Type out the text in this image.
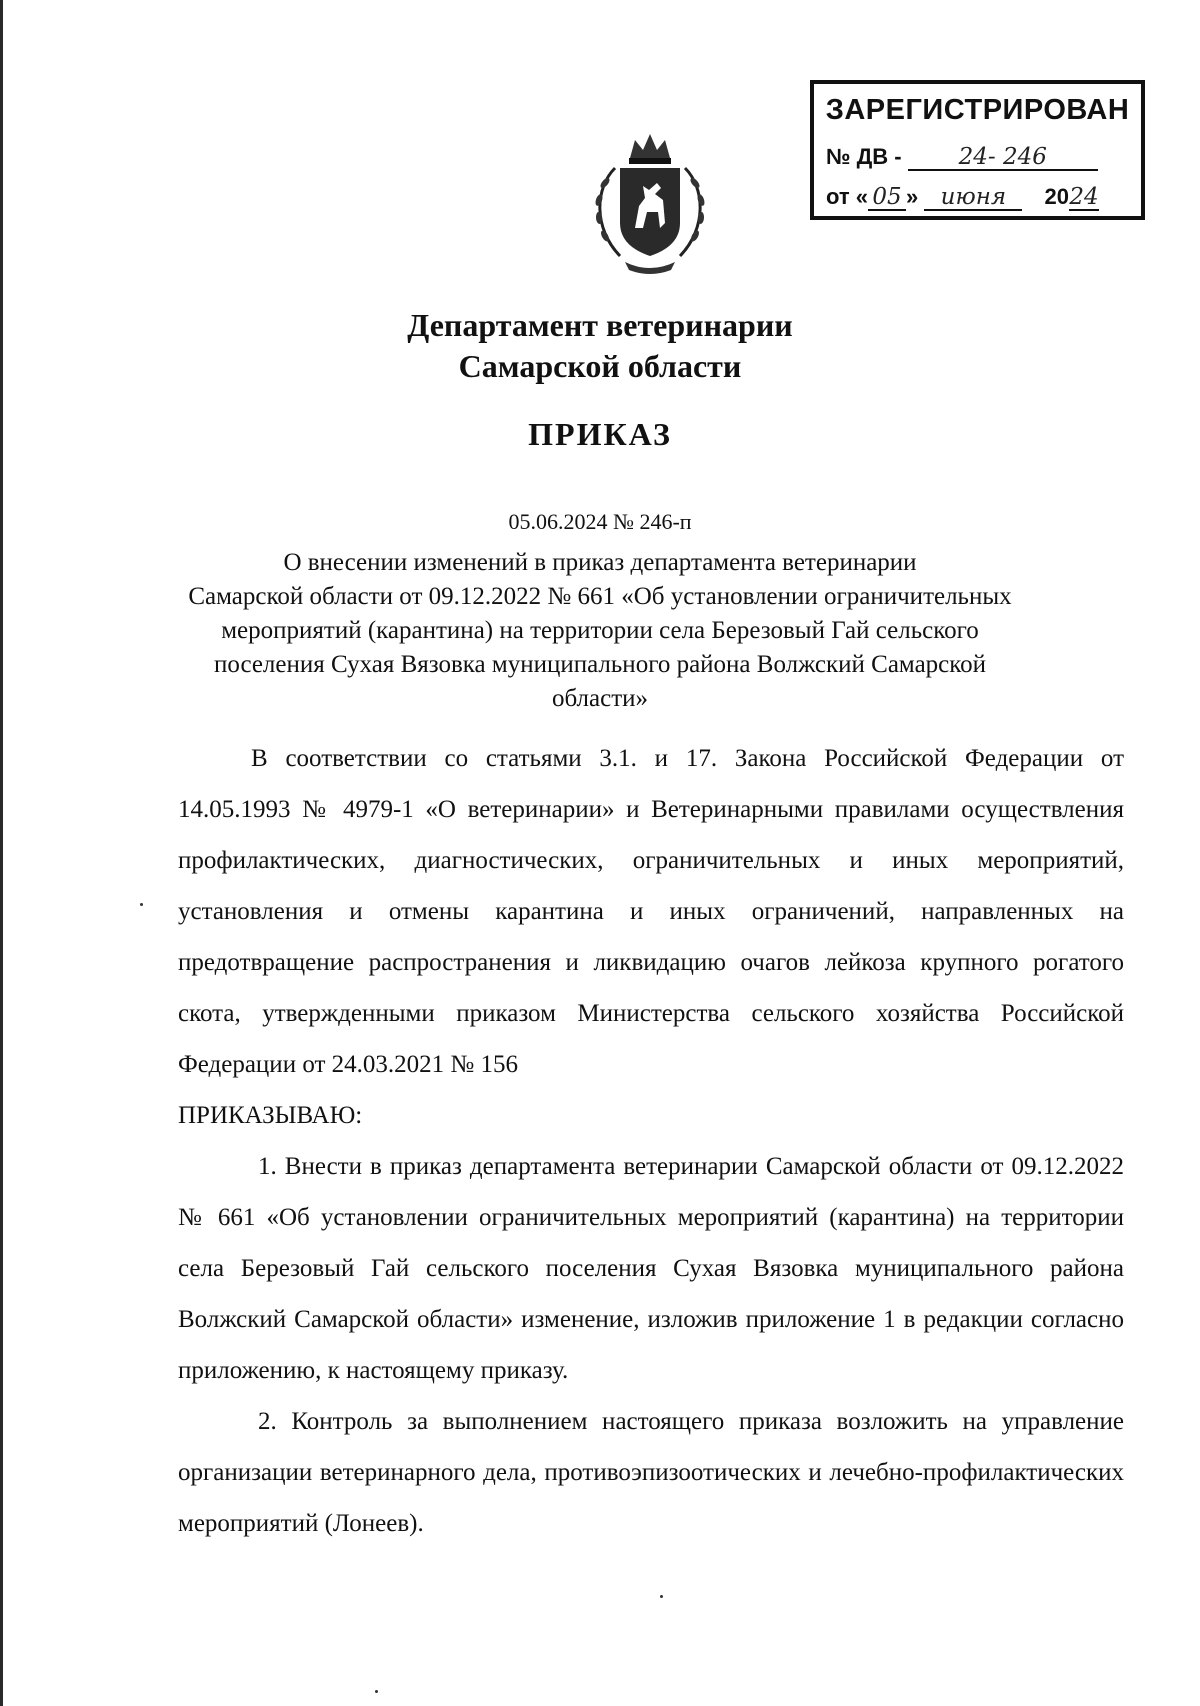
ЗАРЕГИСТРИРОВАН
№ ДВ - 24- 246
от « 05 » июня 2024
Департамент ветеринарии
Самарской области
ПРИКАЗ
05.06.2024 № 246-п
О внесении изменений в приказ департамента ветеринарии
Самарской области от 09.12.2022 № 661 «Об установлении ограничительных
мероприятий (карантина) на территории села Березовый Гай сельского
поселения Сухая Вязовка муниципального района Волжский Самарской
области»

В соответствии со статьями 3.1. и 17. Закона Российской Федерации от 14.05.1993 № 4979-1 «О ветеринарии» и Ветеринарными правилами осуществления профилактических, диагностических, ограничительных и иных мероприятий, установления и отмены карантина и иных ограничений, направленных на предотвращение распространения и ликвидацию очагов лейкоза крупного рогатого скота, утвержденными приказом Министерства сельского хозяйства Российской Федерации от 24.03.2021 № 156

ПРИКАЗЫВАЮ:

1. Внести в приказ департамента ветеринарии Самарской области от 09.12.2022 № 661 «Об установлении ограничительных мероприятий (карантина) на территории села Березовый Гай сельского поселения Сухая Вязовка муниципального района Волжский Самарской области» изменение, изложив приложение 1 в редакции согласно приложению, к настоящему приказу.

2. Контроль за выполнением настоящего приказа возложить на управление организации ветеринарного дела, противоэпизоотических и лечебно-профилактических мероприятий (Лонеев).
